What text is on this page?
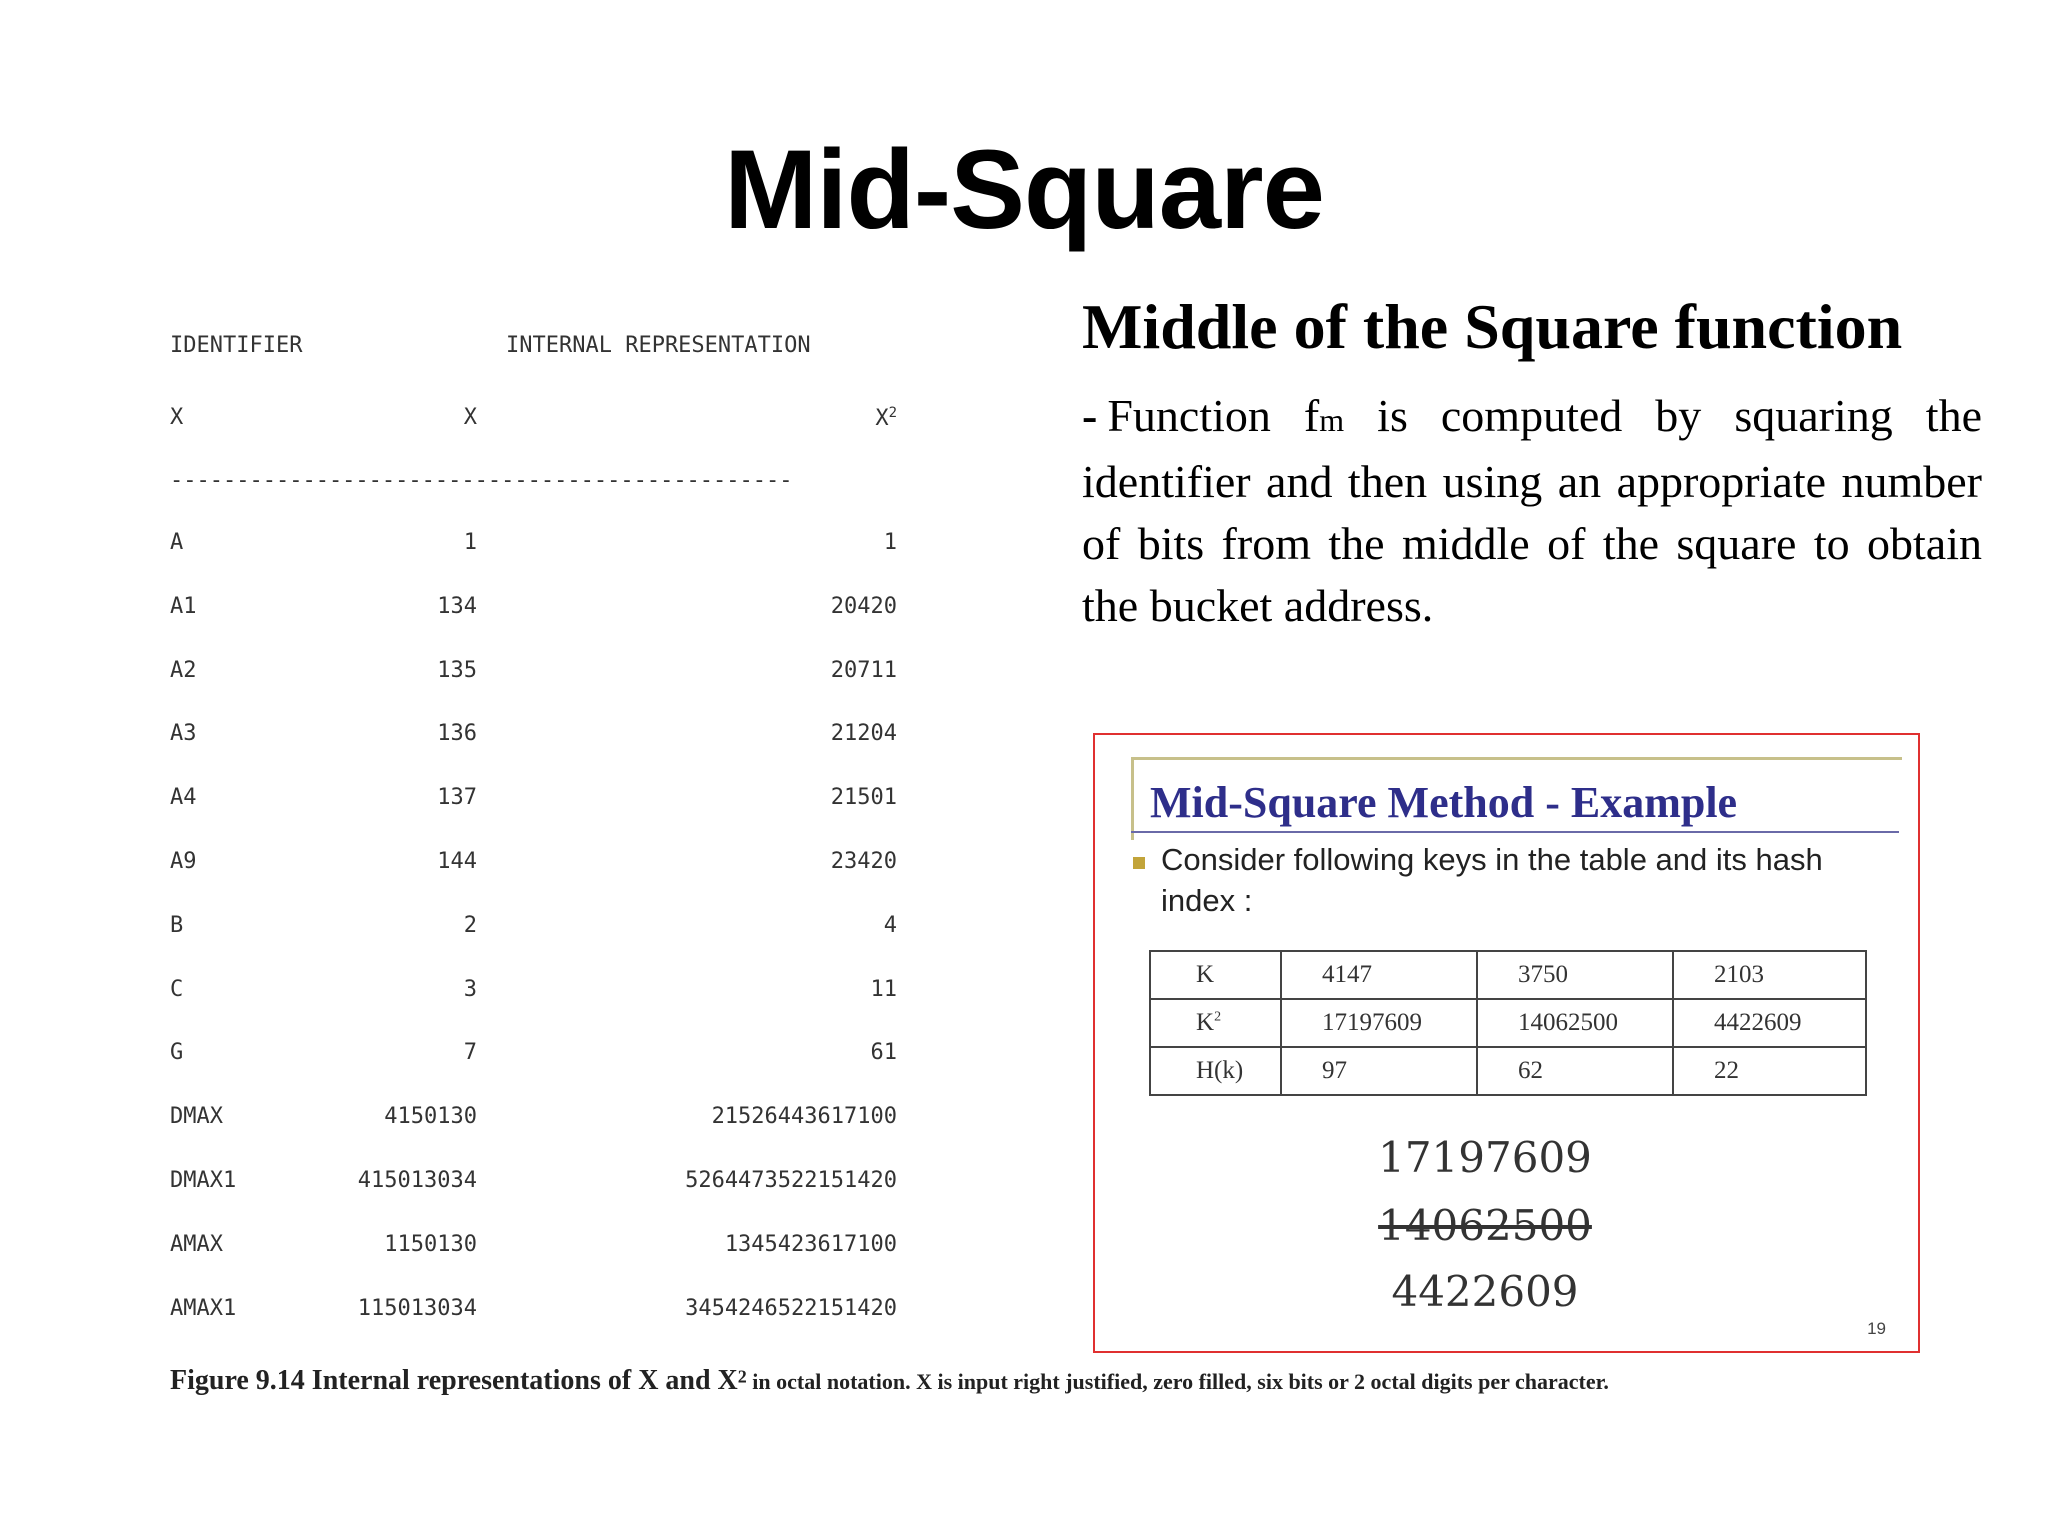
Mid-Square
IDENTIFIER	INTERNAL REPRESENTATION
X	X	$X^2$
-----------------------------------------------
A	1	1
A1	134	20420
A2	135	20711
A3	136	21204
A4	137	21501
A9	144	23420
B	2	4
C	3	11
G	7	61
DMAX	4150130	21526443617100
DMAX1	415013034	5264473522151420
AMAX	1150130	1345423617100
AMAX1	115013034	3454246522151420
Figure 9.14 Internal representations of X and $X^2$ in octal notation. X is input right justified, zero filled, six bits or 2 octal digits per character.
Middle of the Square function

- Function fm is computed by squaring the identifier and then using an appropriate number of bits from the middle of the square to obtain the bucket address.

Mid-Square Method - Example
Consider following keys in the table and its hash index :
K	4147	3750	2103
$K^2$	17197609	14062500	4422609
H(k)	97	62	22
17197609
14062500
4422609
19
